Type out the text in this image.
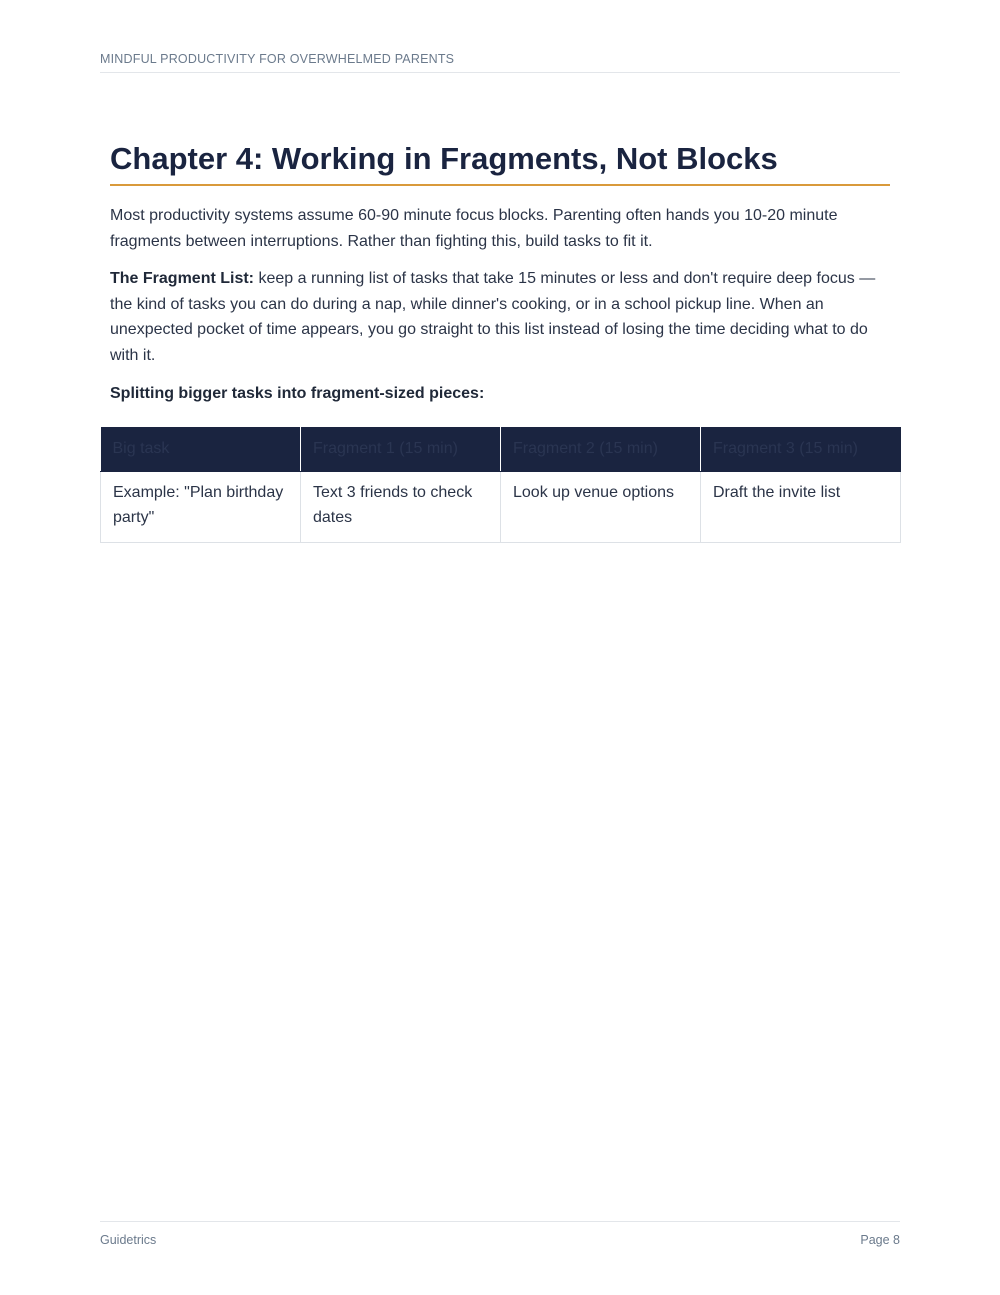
MINDFUL PRODUCTIVITY FOR OVERWHELMED PARENTS
Chapter 4: Working in Fragments, Not Blocks

Most productivity systems assume 60-90 minute focus blocks. Parenting often hands you 10-20 minute fragments between interruptions. Rather than fighting this, build tasks to fit it.

The Fragment List: keep a running list of tasks that take 15 minutes or less and don't require deep focus — the kind of tasks you can do during a nap, while dinner's cooking, or in a school pickup line. When an unexpected pocket of time appears, you go straight to this list instead of losing the time deciding what to do with it.

Splitting bigger tasks into fragment-sized pieces:
Big task	Fragment 1 (15 min)	Fragment 2 (15 min)	Fragment 3 (15 min)
Example: "Plan birthday party"	Text 3 friends to check dates	Look up venue options	Draft the invite list
Guidetrics	Page 8
